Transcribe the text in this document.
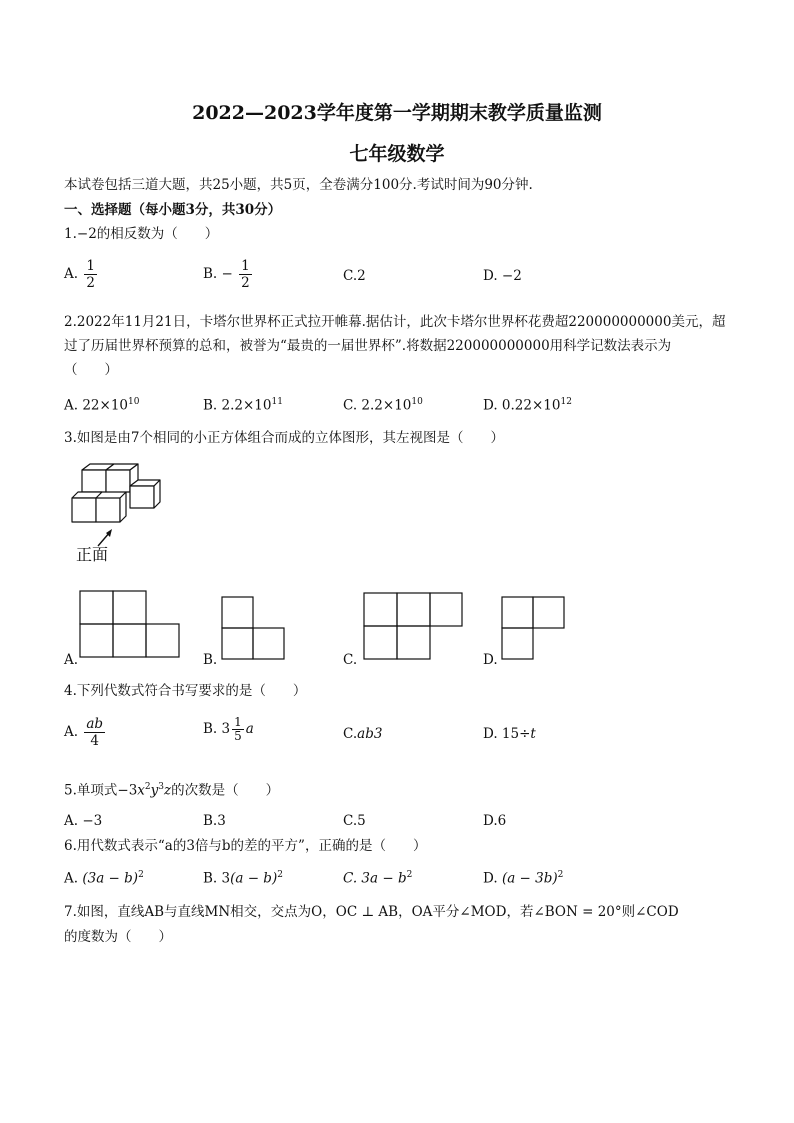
2022—2023学年度第一学期期末教学质量监测
七年级数学
本试卷包括三道大题，共25小题，共5页，全卷满分100分.考试时间为90分钟.
一、选择题（每小题3分，共30分）
1.−2的相反数为（　　）
A. $\frac{1}{2}$	B. − $\frac{1}{2}$	C.2	D. −2
2.2022年11月21日，卡塔尔世界杯正式拉开帷幕.据估计，此次卡塔尔世界杯花费超220000000000美元，超
过了历届世界杯预算的总和，被誉为“最贵的一届世界杯”.将数据220000000000用科学记数法表示为
（　　）
A. $22\times 10^{10}$	B. $2.2\times 10^{11}$	C. $2.2\times 10^{10}$	D. $0.22\times 10^{12}$
3.如图是由7个相同的小正方体组合而成的立体图形，其左视图是（　　）
正面
A.	B.	C.	D.
4.下列代数式符合书写要求的是（　　）
A. $\frac{ab}{4}$	B. $3 \frac{1}{5}$ a	C.ab3	D. 15÷t
5.单项式$-3x^2y^3z$的次数是（　　）
A. −3	B.3	C.5	D.6
6.用代数式表示“a的3倍与b的差的平方”，正确的是（　　）
A. $(3a - b)^2$	B. $3(a - b)^2$	C. $3a - b^2$	D. $(a - 3b)^2$
7.如图，直线AB与直线MN相交，交点为O，OC ⊥ AB，OA平分∠MOD，若∠BON = 20°则∠COD
的度数为（　　）
